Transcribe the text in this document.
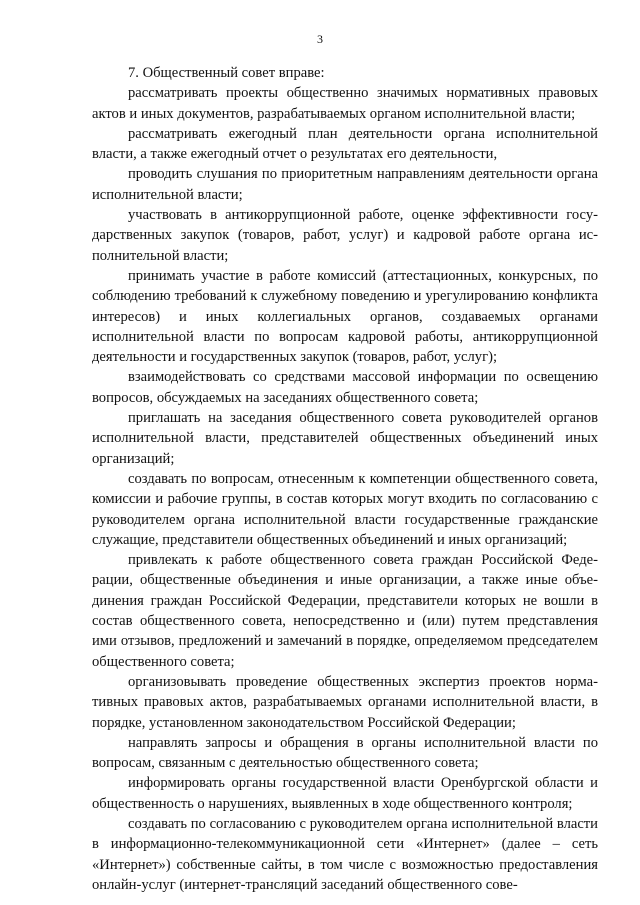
3

7. Общественный совет вправе:

рассматривать проекты общественно значимых нормативных правовых актов и иных документов, разрабатываемых органом исполнительной власти;

рассматривать ежегодный план деятельности органа исполнительной власти, а также ежегодный отчет о результатах его деятельности,

проводить слушания по приоритетным направлениям деятельности органа исполнительной власти;

участвовать в антикоррупционной работе, оценке эффективности государственных закупок (товаров, работ, услуг) и кадровой работе органа исполнительной власти;

принимать участие в работе комиссий (аттестационных, конкурсных, по соблюдению требований к служебному поведению и урегулированию конфликта интересов) и иных коллегиальных органов, создаваемых органами исполнительной власти по вопросам кадровой работы, антикоррупционной деятельности и государственных закупок (товаров, работ, услуг);

взаимодействовать со средствами массовой информации по освещению вопросов, обсуждаемых на заседаниях общественного совета;

приглашать на заседания общественного совета руководителей органов исполнительной власти, представителей общественных объединений иных организаций;

создавать по вопросам, отнесенным к компетенции общественного совета, комиссии и рабочие группы, в состав которых могут входить по согласованию с руководителем органа исполнительной власти государственные гражданские служащие, представители общественных объединений и иных организаций;

привлекать к работе общественного совета граждан Российской Федерации, общественные объединения и иные организации, а также иные объединения граждан Российской Федерации, представители которых не вошли в состав общественного совета, непосредственно и (или) путем представления ими отзывов, предложений и замечаний в порядке, определяемом председателем общественного совета;

организовывать проведение общественных экспертиз проектов нормативных правовых актов, разрабатываемых органами исполнительной власти, в порядке, установленном законодательством Российской Федерации;

направлять запросы и обращения в органы исполнительной власти по вопросам, связанным с деятельностью общественного совета;

информировать органы государственной власти Оренбургской области и общественность о нарушениях, выявленных в ходе общественного контроля;

создавать по согласованию с руководителем органа исполнительной власти в информационно-телекоммуникационной сети «Интернет» (далее – сеть «Интернет») собственные сайты, в том числе с возможностью предоставления онлайн-услуг (интернет-трансляций заседаний общественного сове-
